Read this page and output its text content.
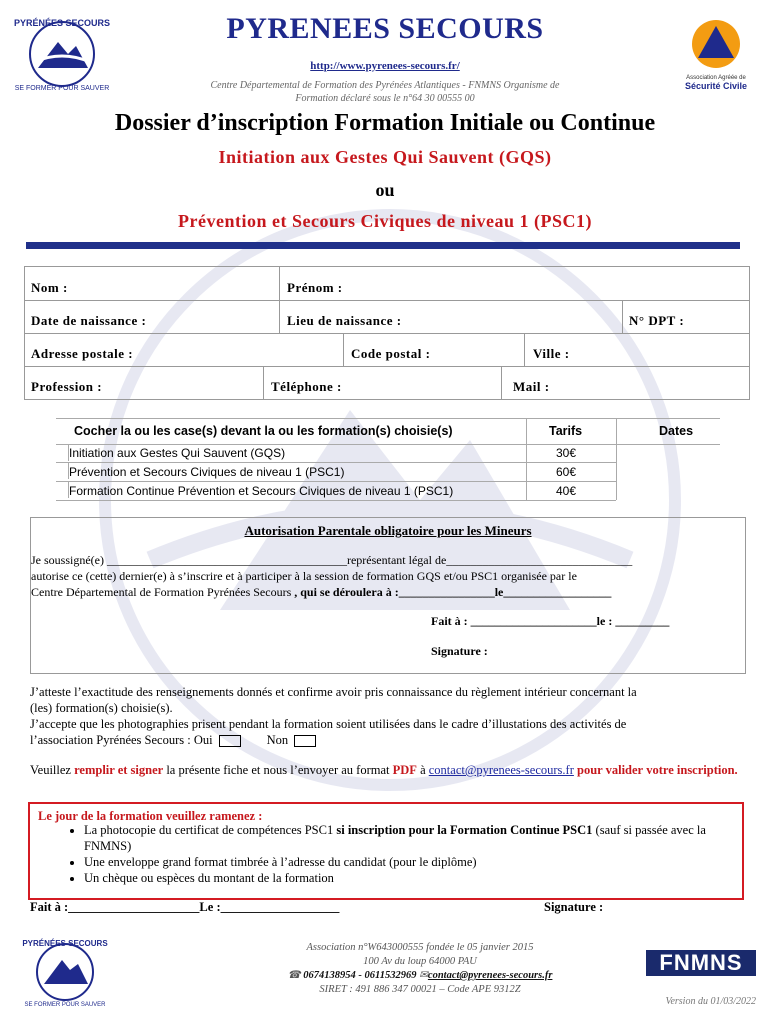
PYRÉNÉES SECOURS
SE FORMER POUR SAUVER
PYRENEES SECOURS
http://www.pyrenees-secours.fr/
Centre Départemental de Formation des Pyrénées Atlantiques - FNMNS Organisme de
Formation déclaré sous le n°64 30 00555 00
Association Agréée de
Sécurité Civile
Dossier d’inscription Formation Initiale ou Continue
Initiation aux Gestes Qui Sauvent (GQS)
ou
Prévention et Secours Civiques de niveau 1 (PSC1)
Nom :	Prénom :
Date de naissance :	Lieu de naissance :	N° DPT :
Adresse postale :	Code postal :	Ville :
Profession :	Téléphone :	Mail :
Cocher la ou les case(s) devant la ou les formation(s) choisie(s)	Tarifs	Dates
Initiation aux Gestes Qui Sauvent (GQS)	30€
Prévention et Secours Civiques de niveau 1 (PSC1)	60€
Formation Continue Prévention et Secours Civiques de niveau 1 (PSC1)	40€
Autorisation Parentale obligatoire pour les Mineurs
Je soussigné(e) ________________________________________représentant légal de_______________________________
autorise ce (cette) dernier(e) à s’inscrire et à participer à la session de formation GQS et/ou PSC1 organisée par le
Centre Départemental de Formation Pyrénées Secours , qui se déroulera à :________________le__________________
Fait à : _____________________le : _________
Signature :
J’atteste l’exactitude des renseignements donnés et confirme avoir pris connaissance du règlement intérieur concernant la
(les) formation(s) choisie(s).
J’accepte que les photographies prisent pendant la formation soient utilisées dans le cadre d’illustations des activités de
l’association Pyrénées Secours : Oui	Non
Veuillez remplir et signer la présente fiche et nous l’envoyer au format PDF à contact@pyrenees-secours.fr pour valider votre inscription.
Le jour de la formation veuillez ramenez :
• La photocopie du certificat de compétences PSC1 si inscription pour la Formation Continue PSC1 (sauf si passée avec la FNMNS)
• Une enveloppe grand format timbrée à l’adresse du candidat (pour le diplôme)
• Un chèque ou espèces du montant de la formation
Fait à :_____________________Le :___________________	Signature :
PYRÉNÉES SECOURS
SE FORMER POUR SAUVER
Association n°W643000555 fondée le 05 janvier 2015
100 Av du loup 64000 PAU
☎ 0674138954 - 0611532969 ✉contact@pyrenees-secours.fr
SIRET : 491 886 347 00021 – Code APE 9312Z
FNMNS
Version du 01/03/2022
